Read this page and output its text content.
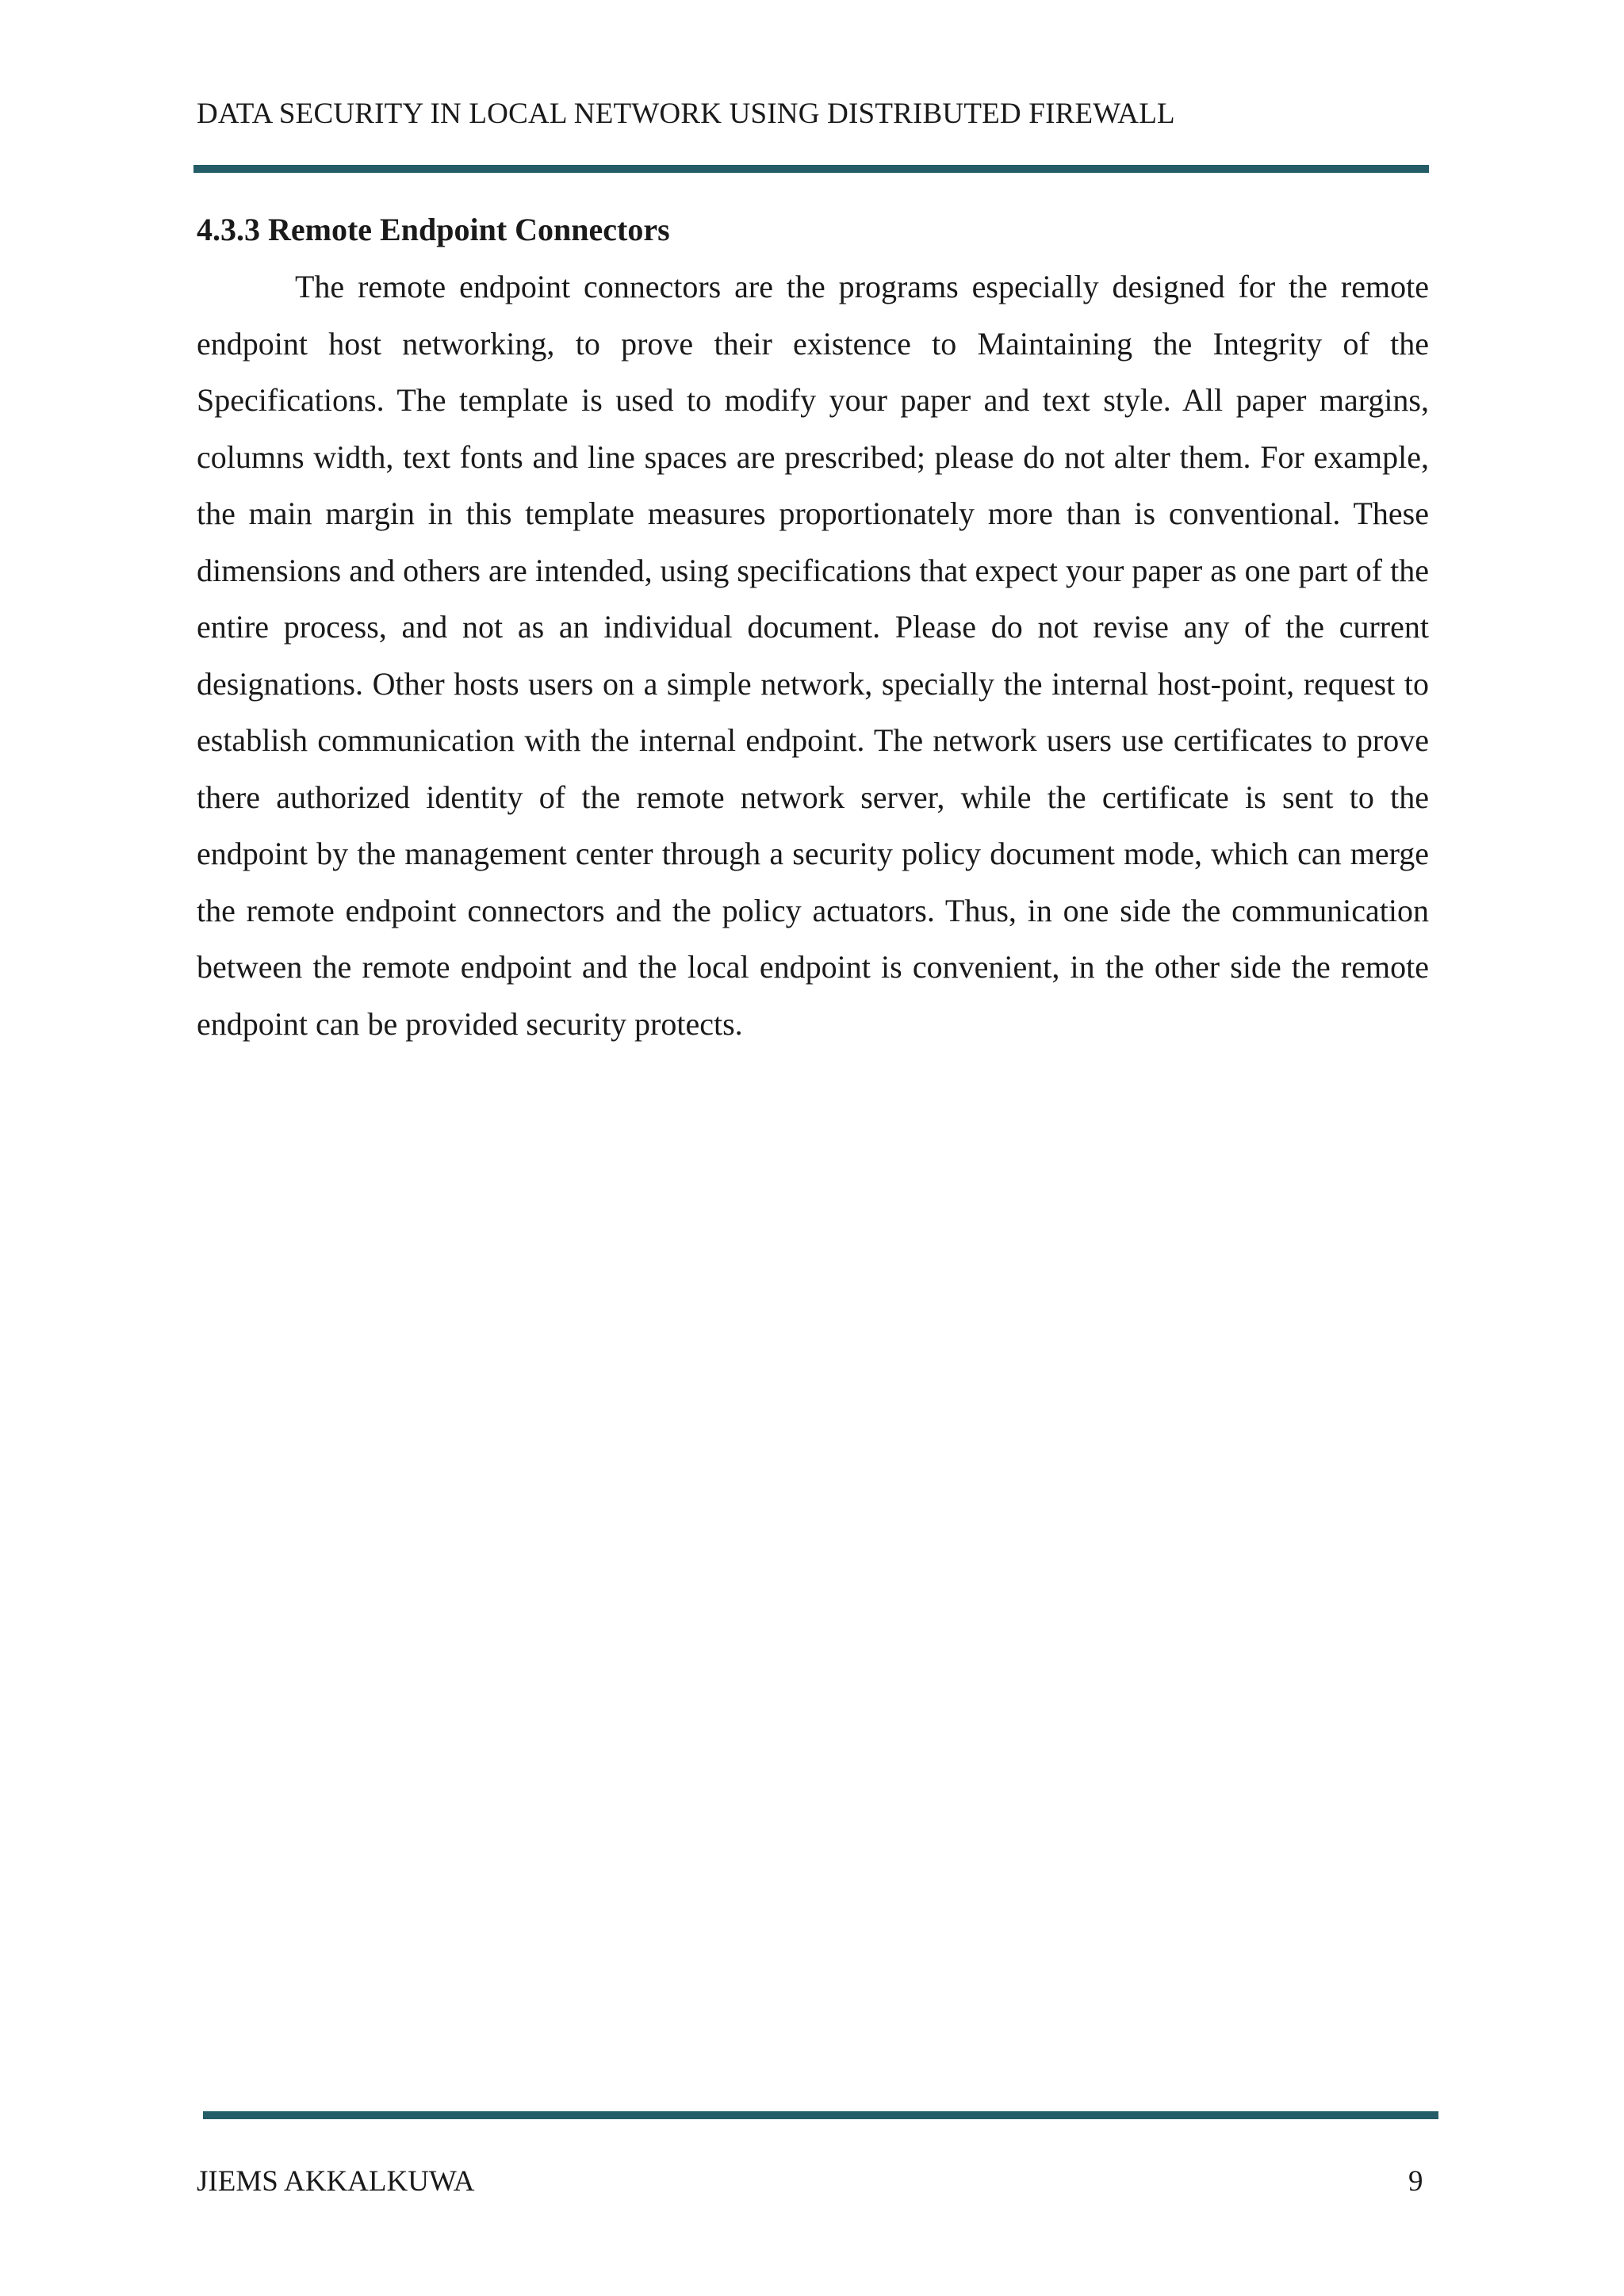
DATA SECURITY IN LOCAL NETWORK USING DISTRIBUTED FIREWALL
4.3.3 Remote Endpoint Connectors

The remote endpoint connectors are the programs especially designed for the remote endpoint host networking, to prove their existence to Maintaining the Integrity of the Specifications. The template is used to modify your paper and text style. All paper margins, columns width, text fonts and line spaces are prescribed; please do not alter them. For example, the main margin in this template measures proportionately more than is conventional. These dimensions and others are intended, using specifications that expect your paper as one part of the entire process, and not as an individual document. Please do not revise any of the current designations. Other hosts users on a simple network, specially the internal host-point, request to establish communication with the internal endpoint. The network users use certificates to prove there authorized identity of the remote network server, while the certificate is sent to the endpoint by the management center through a security policy document mode, which can merge the remote endpoint connectors and the policy actuators. Thus, in one side the communication between the remote endpoint and the local endpoint is convenient, in the other side the remote endpoint can be provided security protects.

JIEMS AKKALKUWA	9
